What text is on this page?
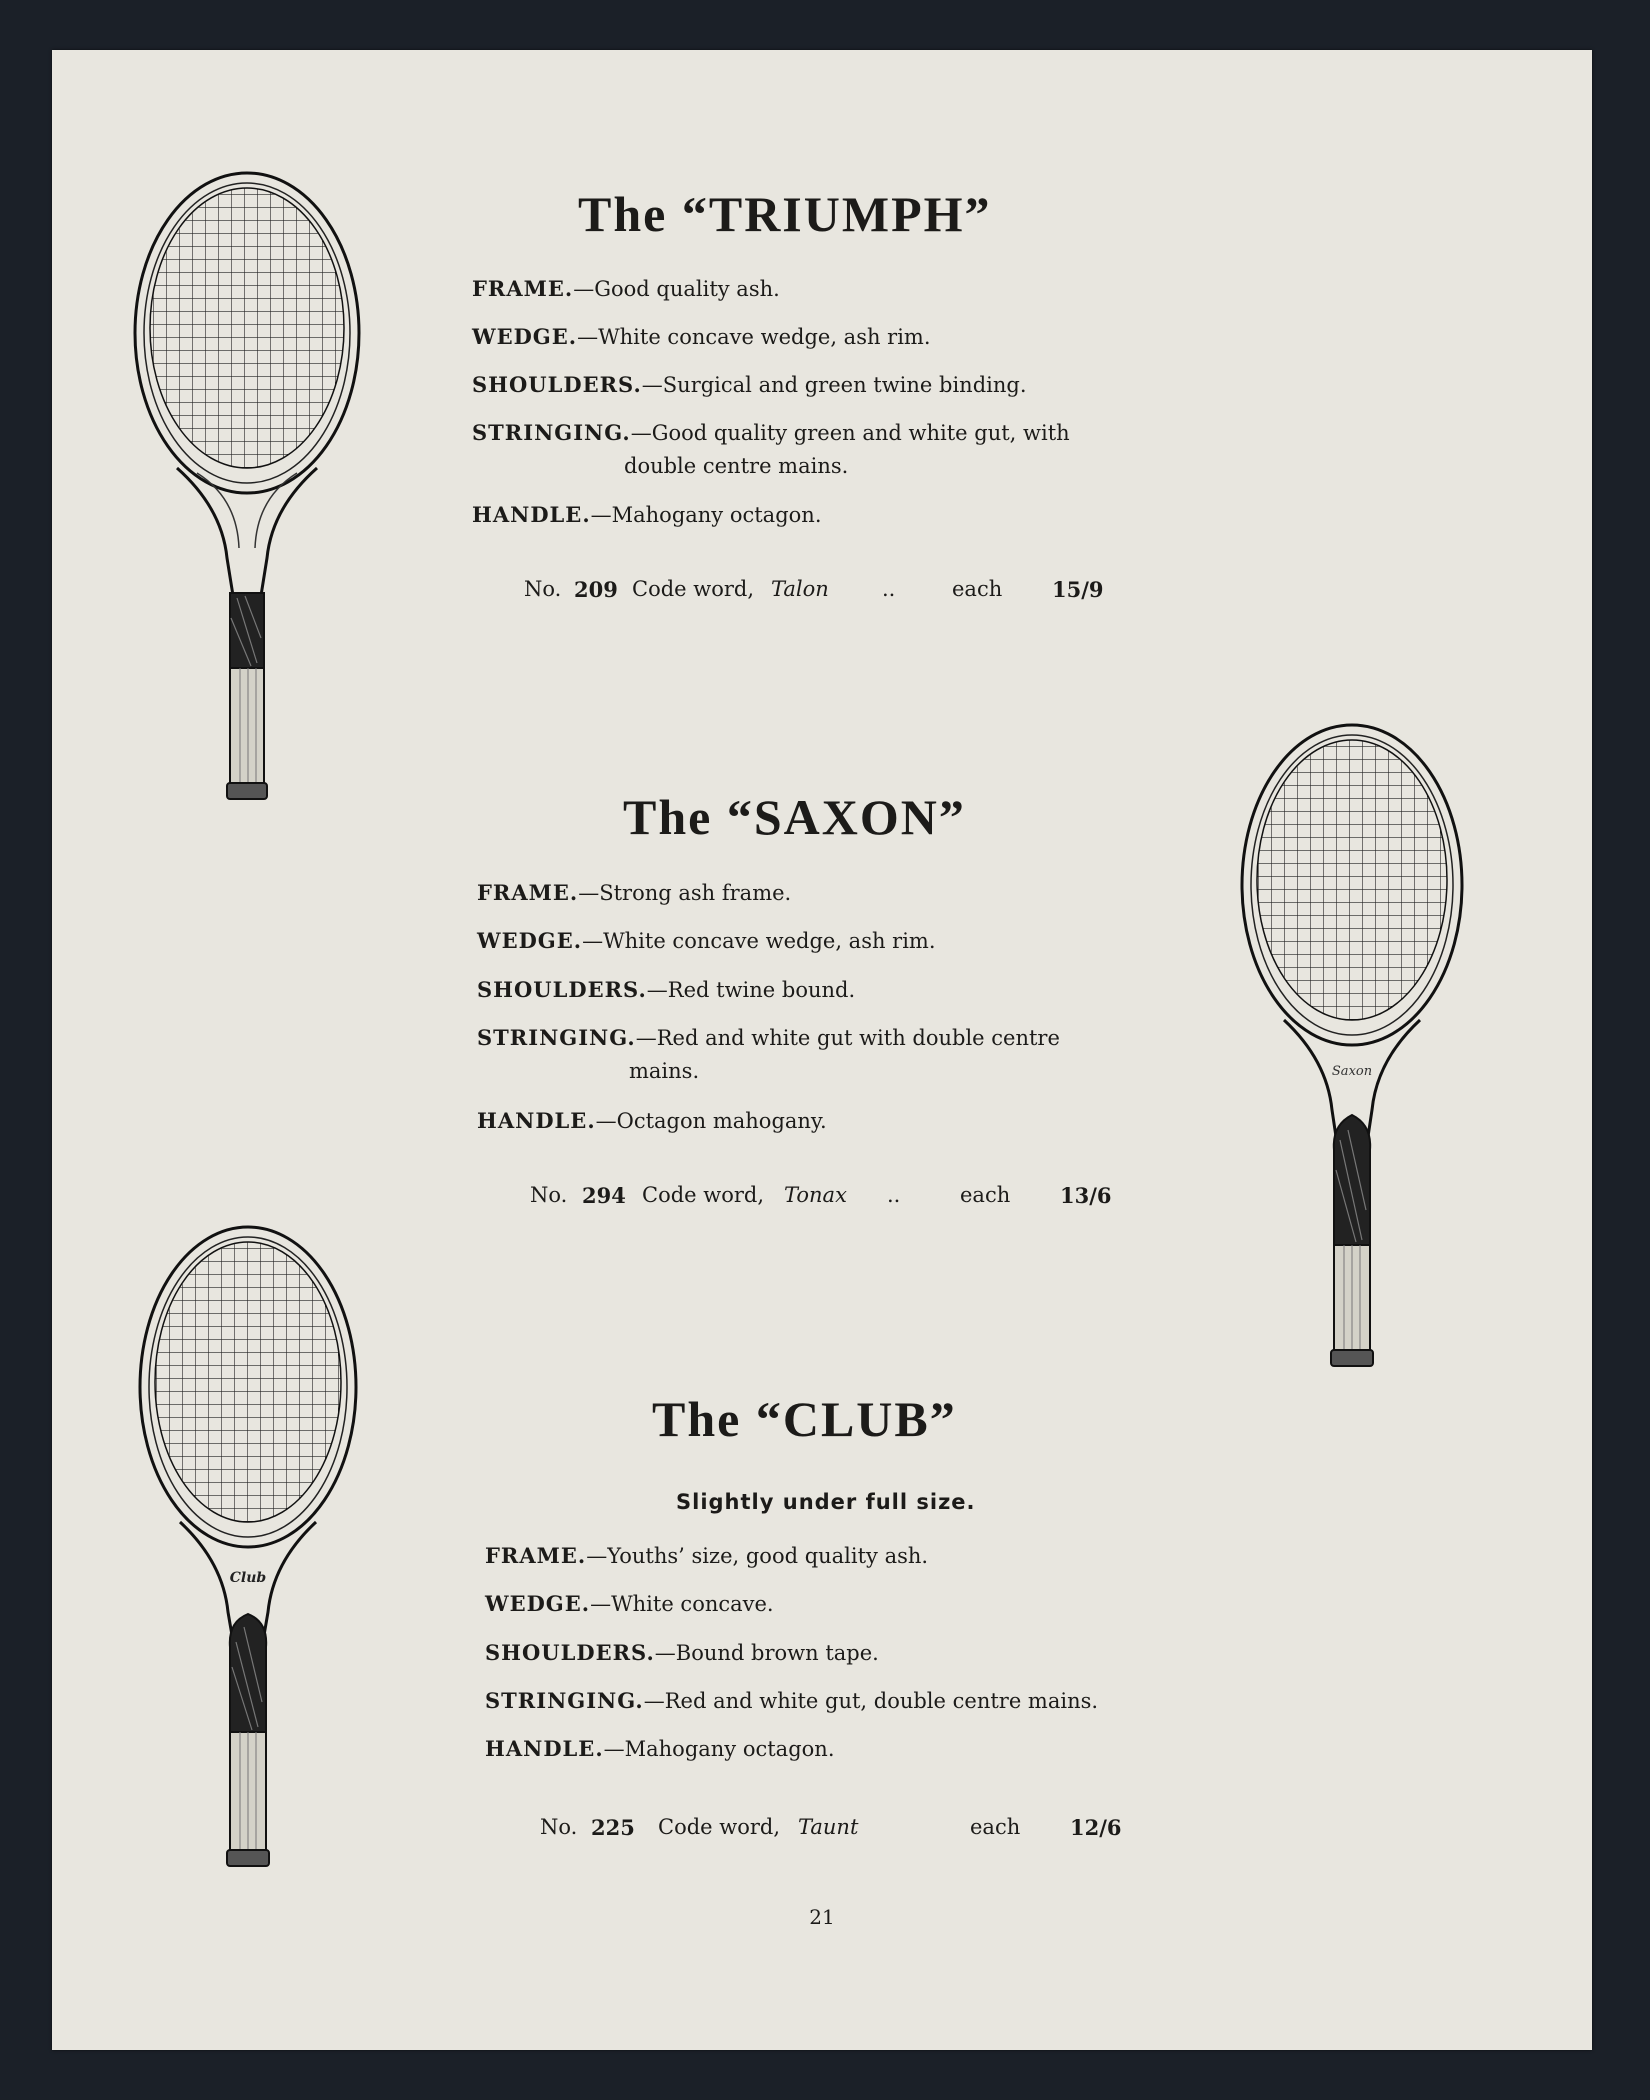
Saxon
Club
The “TRIUMPH”
FRAME.—Good quality ash.
WEDGE.—White concave wedge, ash rim.
SHOULDERS.—Surgical and green twine binding.
STRINGING.—Good quality green and white gut, with
double centre mains.
HANDLE.—Mahogany octagon.
No. 209 Code word, Talon	..	each 15/9
The “SAXON”
FRAME.—Strong ash frame.
WEDGE.—White concave wedge, ash rim.
SHOULDERS.—Red twine bound.
STRINGING.—Red and white gut with double centre
mains.
HANDLE.—Octagon mahogany.
No. 294 Code word, Tonax ..	each 13/6
The “CLUB”
Slightly under full size.
FRAME.—Youths’ size, good quality ash.
WEDGE.—White concave.
SHOULDERS.—Bound brown tape.
STRINGING.—Red and white gut, double centre mains.
HANDLE.—Mahogany octagon.
No. 225 Code word, Taunt	each 12/6
21
